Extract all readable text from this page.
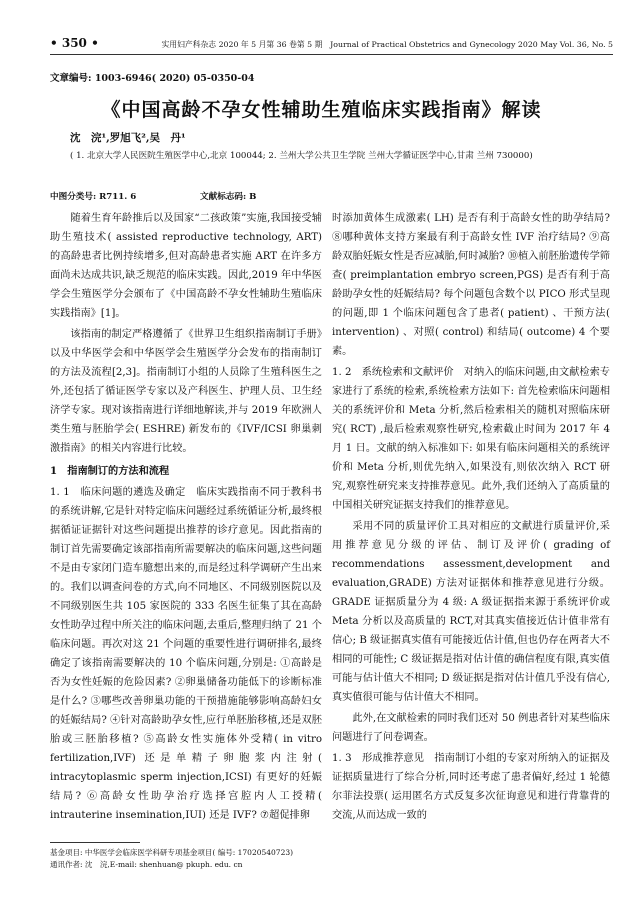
• 350 •	实用妇产科杂志 2020 年 5 月第 36 卷第 5 期　Journal of Practical Obstetrics and Gynecology 2020 May Vol. 36, No. 5
文章编号: 1003-6946( 2020) 05-0350-04
《中国高龄不孕女性辅助生殖临床实践指南》解读
沈　浣¹,罗旭飞²,吴　丹¹
( 1. 北京大学人民医院生殖医学中心,北京 100044; 2. 兰州大学公共卫生学院 兰州大学循证医学中心,甘肃 兰州 730000)
中图分类号: R711. 6	文献标志码: B

随着生育年龄推后以及国家“二孩政策”实施,我国接受辅助生殖技术( assisted reproductive technology, ART) 的高龄患者比例持续增多,但对高龄患者实施 ART 在许多方面尚未达成共识,缺乏规范的临床实践。因此,2019 年中华医学会生殖医学分会颁布了《中国高龄不孕女性辅助生殖临床实践指南》[1]。

该指南的制定严格遵循了《世界卫生组织指南制订手册》以及中华医学会和中华医学会生殖医学分会发布的指南制订的方法及流程[2,3]。指南制订小组的人员除了生殖科医生之外,还包括了循证医学专家以及产科医生、护理人员、卫生经济学专家。现对该指南进行详细地解读,并与 2019 年欧洲人类生殖与胚胎学会( ESHRE) 新发布的《IVF/ICSI 卵巢刺激指南》的相关内容进行比较。

1　指南制订的方法和流程

1. 1　临床问题的遴选及确定　临床实践指南不同于教科书的系统讲解,它是针对特定临床问题经过系统循证分析,最终根据循证证据针对这些问题提出推荐的诊疗意见。因此指南的制订首先需要确定该部指南所需要解决的临床问题,这些问题不是由专家闭门造车臆想出来的,而是经过科学调研产生出来的。我们以调查问卷的方式,向不同地区、不同级别医院以及不同级别医生共 105 家医院的 333 名医生征集了其在高龄女性助孕过程中所关注的临床问题,去重后,整理归纳了 21 个临床问题。再次对这 21 个问题的重要性进行调研排名,最终确定了该指南需要解决的 10 个临床问题,分别是: ①高龄是否为女性妊娠的危险因素? ②卵巢储备功能低下的诊断标准是什么? ③哪些改善卵巢功能的干预措施能够影响高龄妇女的妊娠结局? ④针对高龄助孕女性,应行单胚胎移植,还是双胚胎或三胚胎移植? ⑤高龄女性实施体外受精( in vitro fertilization,IVF) 还是单精子卵胞浆内注射( intracytoplasmic sperm injection,ICSI) 有更好的妊娠结局? ⑥高龄女性助孕治疗选择宫腔内人工授精( intrauterine insemination,IUI) 还是 IVF? ⑦超促排卵

时添加黄体生成激素( LH) 是否有利于高龄女性的助孕结局? ⑧哪种黄体支持方案最有利于高龄女性 IVF 治疗结局? ⑨高龄双胎妊娠女性是否应减胎,何时减胎? ⑩植入前胚胎遗传学筛查( preimplantation embryo screen,PGS) 是否有利于高龄助孕女性的妊娠结局? 每个问题包含数个以 PICO 形式呈现的问题,即 1 个临床问题包含了患者( patient) 、干预方法( intervention) 、对照( control) 和结局( outcome) 4 个要素。

1. 2　系统检索和文献评价　对纳入的临床问题,由文献检索专家进行了系统的检索,系统检索方法如下: 首先检索临床问题相关的系统评价和 Meta 分析,然后检索相关的随机对照临床研究( RCT) ,最后检索观察性研究,检索截止时间为 2017 年 4 月 1 日。文献的纳入标准如下: 如果有临床问题相关的系统评价和 Meta 分析,则优先纳入,如果没有,则依次纳入 RCT 研究,观察性研究来支持推荐意见。此外,我们还纳入了高质量的中国相关研究证据支持我们的推荐意见。

采用不同的质量评价工具对相应的文献进行质量评价,采用推荐意见分级的评估、制订及评价( grading of recommendations assessment,development and evaluation,GRADE) 方法对证据体和推荐意见进行分级。GRADE 证据质量分为 4 级: A 级证据指来源于系统评价或 Meta 分析以及高质量的 RCT,对其真实值接近估计值非常有信心; B 级证据真实值有可能接近估计值,但也仍存在两者大不相同的可能性; C 级证据是指对估计值的确信程度有限,真实值可能与估计值大不相同; D 级证据是指对估计值几乎没有信心,真实值很可能与估计值大不相同。

此外,在文献检索的同时我们还对 50 例患者针对某些临床问题进行了问卷调查。

1. 3　形成推荐意见　指南制订小组的专家对所纳入的证据及证据质量进行了综合分析,同时还考虑了患者偏好,经过 1 轮德尔菲法投票( 运用匿名方式反复多次征询意见和进行背靠背的交流,从而达成一致的

基金项目: 中华医学会临床医学科研专项基金项目( 编号: 17020540723)
通讯作者: 沈　浣,E-mail: shenhuan@ pkuph. edu. cn
